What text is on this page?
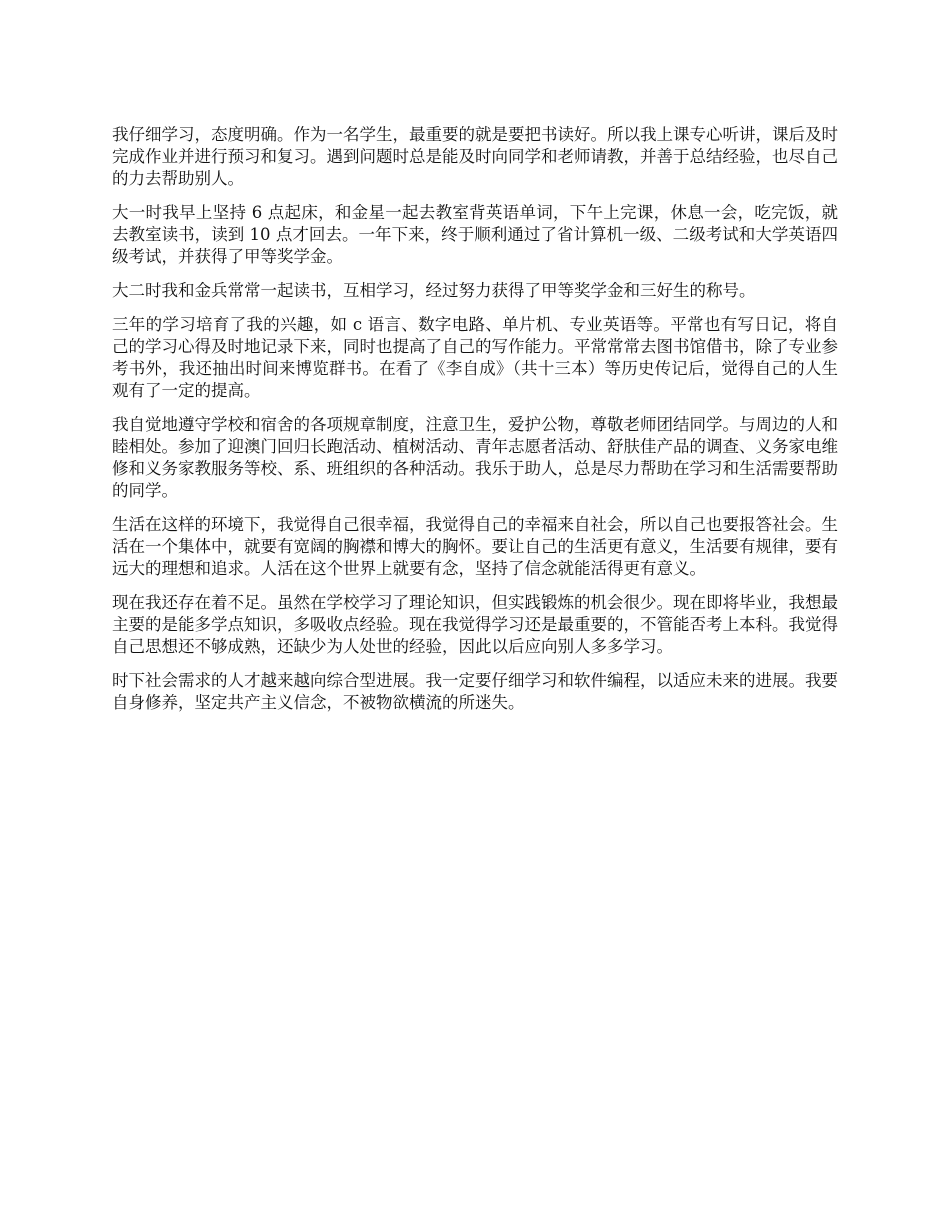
我仔细学习，态度明确。作为一名学生，最重要的就是要把书读好。所以我上课专心听讲，课后及时完成作业并进行预习和复习。遇到问题时总是能及时向同学和老师请教，并善于总结经验，也尽自己的力去帮助别人。

大一时我早上坚持 6 点起床，和金星一起去教室背英语单词，下午上完课，休息一会，吃完饭，就去教室读书，读到 10 点才回去。一年下来，终于顺利通过了省计算机一级、二级考试和大学英语四级考试，并获得了甲等奖学金。

大二时我和金兵常常一起读书，互相学习，经过努力获得了甲等奖学金和三好生的称号。

三年的学习培育了我的兴趣，如 c 语言、数字电路、单片机、专业英语等。平常也有写日记，将自己的学习心得及时地记录下来，同时也提高了自己的写作能力。平常常常去图书馆借书，除了专业参考书外，我还抽出时间来博览群书。在看了《李自成》（共十三本）等历史传记后，觉得自己的人生观有了一定的提高。

我自觉地遵守学校和宿舍的各项规章制度，注意卫生，爱护公物，尊敬老师团结同学。与周边的人和睦相处。参加了迎澳门回归长跑活动、植树活动、青年志愿者活动、舒肤佳产品的调查、义务家电维修和义务家教服务等校、系、班组织的各种活动。我乐于助人，总是尽力帮助在学习和生活需要帮助的同学。

生活在这样的环境下，我觉得自己很幸福，我觉得自己的幸福来自社会，所以自己也要报答社会。生活在一个集体中，就要有宽阔的胸襟和博大的胸怀。要让自己的生活更有意义，生活要有规律，要有远大的理想和追求。人活在这个世界上就要有念，坚持了信念就能活得更有意义。

现在我还存在着不足。虽然在学校学习了理论知识，但实践锻炼的机会很少。现在即将毕业，我想最主要的是能多学点知识，多吸收点经验。现在我觉得学习还是最重要的，不管能否考上本科。我觉得自己思想还不够成熟，还缺少为人处世的经验，因此以后应向别人多多学习。

时下社会需求的人才越来越向综合型进展。我一定要仔细学习和软件编程，以适应未来的进展。我要自身修养，坚定共产主义信念，不被物欲横流的所迷失。
